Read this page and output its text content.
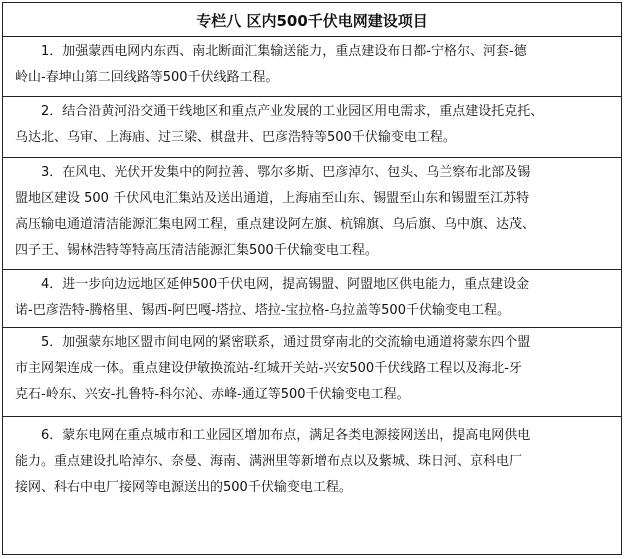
专栏八 区内500千伏电网建设项目

1．加强蒙西电网内东西、南北断面汇集输送能力，重点建设布日都-宁格尔、河套-德
岭山-春坤山第二回线路等500千伏线路工程。

2．结合沿黄河沿交通干线地区和重点产业发展的工业园区用电需求，重点建设托克托、
乌达北、乌审、上海庙、过三梁、棋盘井、巴彦浩特等500千伏输变电工程。

3．在风电、光伏开发集中的阿拉善、鄂尔多斯、巴彦淖尔、包头、乌兰察布北部及锡
盟地区建设 500 千伏风电汇集站及送出通道，上海庙至山东、锡盟至山东和锡盟至江苏特
高压输电通道清洁能源汇集电网工程，重点建设阿左旗、杭锦旗、乌后旗、乌中旗、达茂、
四子王、锡林浩特等特高压清洁能源汇集500千伏输变电工程。

4．进一步向边远地区延伸500千伏电网，提高锡盟、阿盟地区供电能力，重点建设金
诺-巴彦浩特-腾格里、锡西-阿巴嘎-塔拉、塔拉-宝拉格-乌拉盖等500千伏输变电工程。

5．加强蒙东地区盟市间电网的紧密联系，通过贯穿南北的交流输电通道将蒙东四个盟
市主网架连成一体。重点建设伊敏换流站-红城开关站-兴安500千伏线路工程以及海北-牙
克石-岭东、兴安-扎鲁特-科尔沁、赤峰-通辽等500千伏输变电工程。

6．蒙东电网在重点城市和工业园区增加布点，满足各类电源接网送出，提高电网供电
能力。重点建设扎哈淖尔、奈曼、海南、满洲里等新增布点以及紫城、珠日河、京科电厂
接网、科右中电厂接网等电源送出的500千伏输变电工程。
